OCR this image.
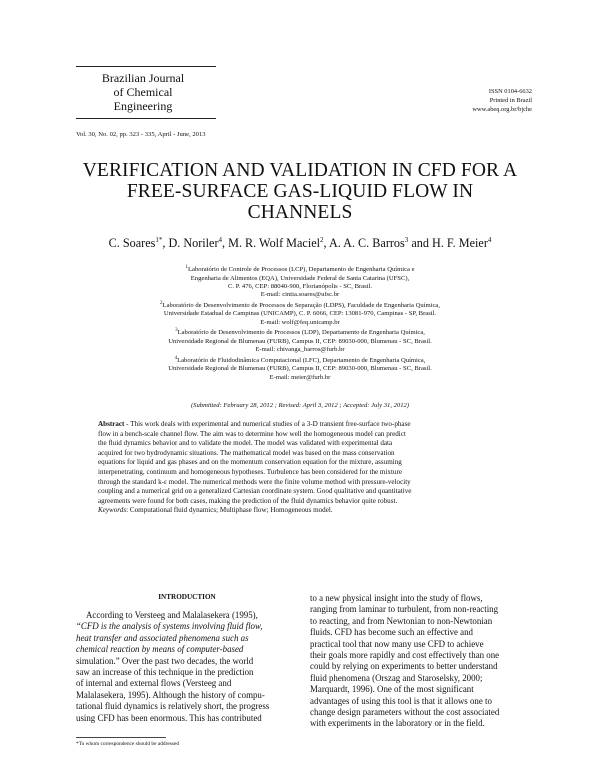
Brazilian Journal
of Chemical
Engineering
ISSN 0104-6632
Printed in Brazil
www.abeq.org.br/bjche
Vol. 30, No. 02, pp. 323 - 335, April - June, 2013
VERIFICATION AND VALIDATION IN CFD FOR A
FREE-SURFACE GAS-LIQUID FLOW IN
CHANNELS
C. Soares$^{1*}$, D. Noriler$^4$, M. R. Wolf Maciel$^2$, A. A. C. Barros$^3$ and H. F. Meier$^4$
$^1$Laboratório de Controle de Processos (LCP), Departamento de Engenharia Química e
Engenharia de Alimentos (EQA), Universidade Federal de Santa Catarina (UFSC),
C. P. 476, CEP: 88040-900, Florianópolis - SC, Brasil.
E-mail: cintia.soares@ufsc.br
$^2$Laboratório de Desenvolvimento de Processos de Separação (LDPS), Faculdade de Engenharia Química,
Universidade Estadual de Campinas (UNICAMP), C. P. 6066, CEP: 13081-970, Campinas - SP, Brasil.
E-mail: wolf@feq.unicamp.br
$^3$Laboratório de Desenvolvimento de Processos (LDP), Departamento de Engenharia Química,
Universidade Regional de Blumenau (FURB), Campus II, CEP: 89030-000, Blumenau - SC, Brasil.
E-mail: chivanga_barros@furb.br
$^4$Laboratório de Fluidodinâmica Computacional (LFC), Departamento de Engenharia Química,
Universidade Regional de Blumenau (FURB), Campus II, CEP: 89030-000, Blumenau - SC, Brasil.
E-mail: meier@furb.br
(Submitted: February 28, 2012 ; Revised: April 3, 2012 ; Accepted: July 31, 2012)
Abstract - This work deals with experimental and numerical studies of a 3-D transient free-surface two-phase
flow in a bench-scale channel flow. The aim was to determine how well the homogeneous model can predict
the fluid dynamics behavior and to validate the model. The model was validated with experimental data
acquired for two hydrodynamic situations. The mathematical model was based on the mass conservation
equations for liquid and gas phases and on the momentum conservation equation for the mixture, assuming
interpenetrating, continuum and homogeneous hypotheses. Turbulence has been considered for the mixture
through the standard k-ε model. The numerical methods were the finite volume method with pressure-velocity
coupling and a numerical grid on a generalized Cartesian coordinate system. Good qualitative and quantitative
agreements were found for both cases, making the prediction of the fluid dynamics behavior quite robust.
Keywords: Computational fluid dynamics; Multiphase flow; Homogeneous model.
INTRODUCTION
According to Versteeg and Malalasekera (1995),
“CFD is the analysis of systems involving fluid flow,
heat transfer and associated phenomena such as
chemical reaction by means of computer-based
simulation.” Over the past two decades, the world
saw an increase of this technique in the prediction
of internal and external flows (Versteeg and
Malalasekera, 1995). Although the history of compu-
tational fluid dynamics is relatively short, the progress
using CFD has been enormous. This has contributed
to a new physical insight into the study of flows,
ranging from laminar to turbulent, from non-reacting
to reacting, and from Newtonian to non-Newtonian
fluids. CFD has become such an effective and
practical tool that now many use CFD to achieve
their goals more rapidly and cost effectively than one
could by relying on experiments to better understand
fluid phenomena (Orszag and Staroselsky, 2000;
Marquardt, 1996). One of the most significant
advantages of using this tool is that it allows one to
change design parameters without the cost associated
with experiments in the laboratory or in the field.
*To whom correspondence should be addressed
